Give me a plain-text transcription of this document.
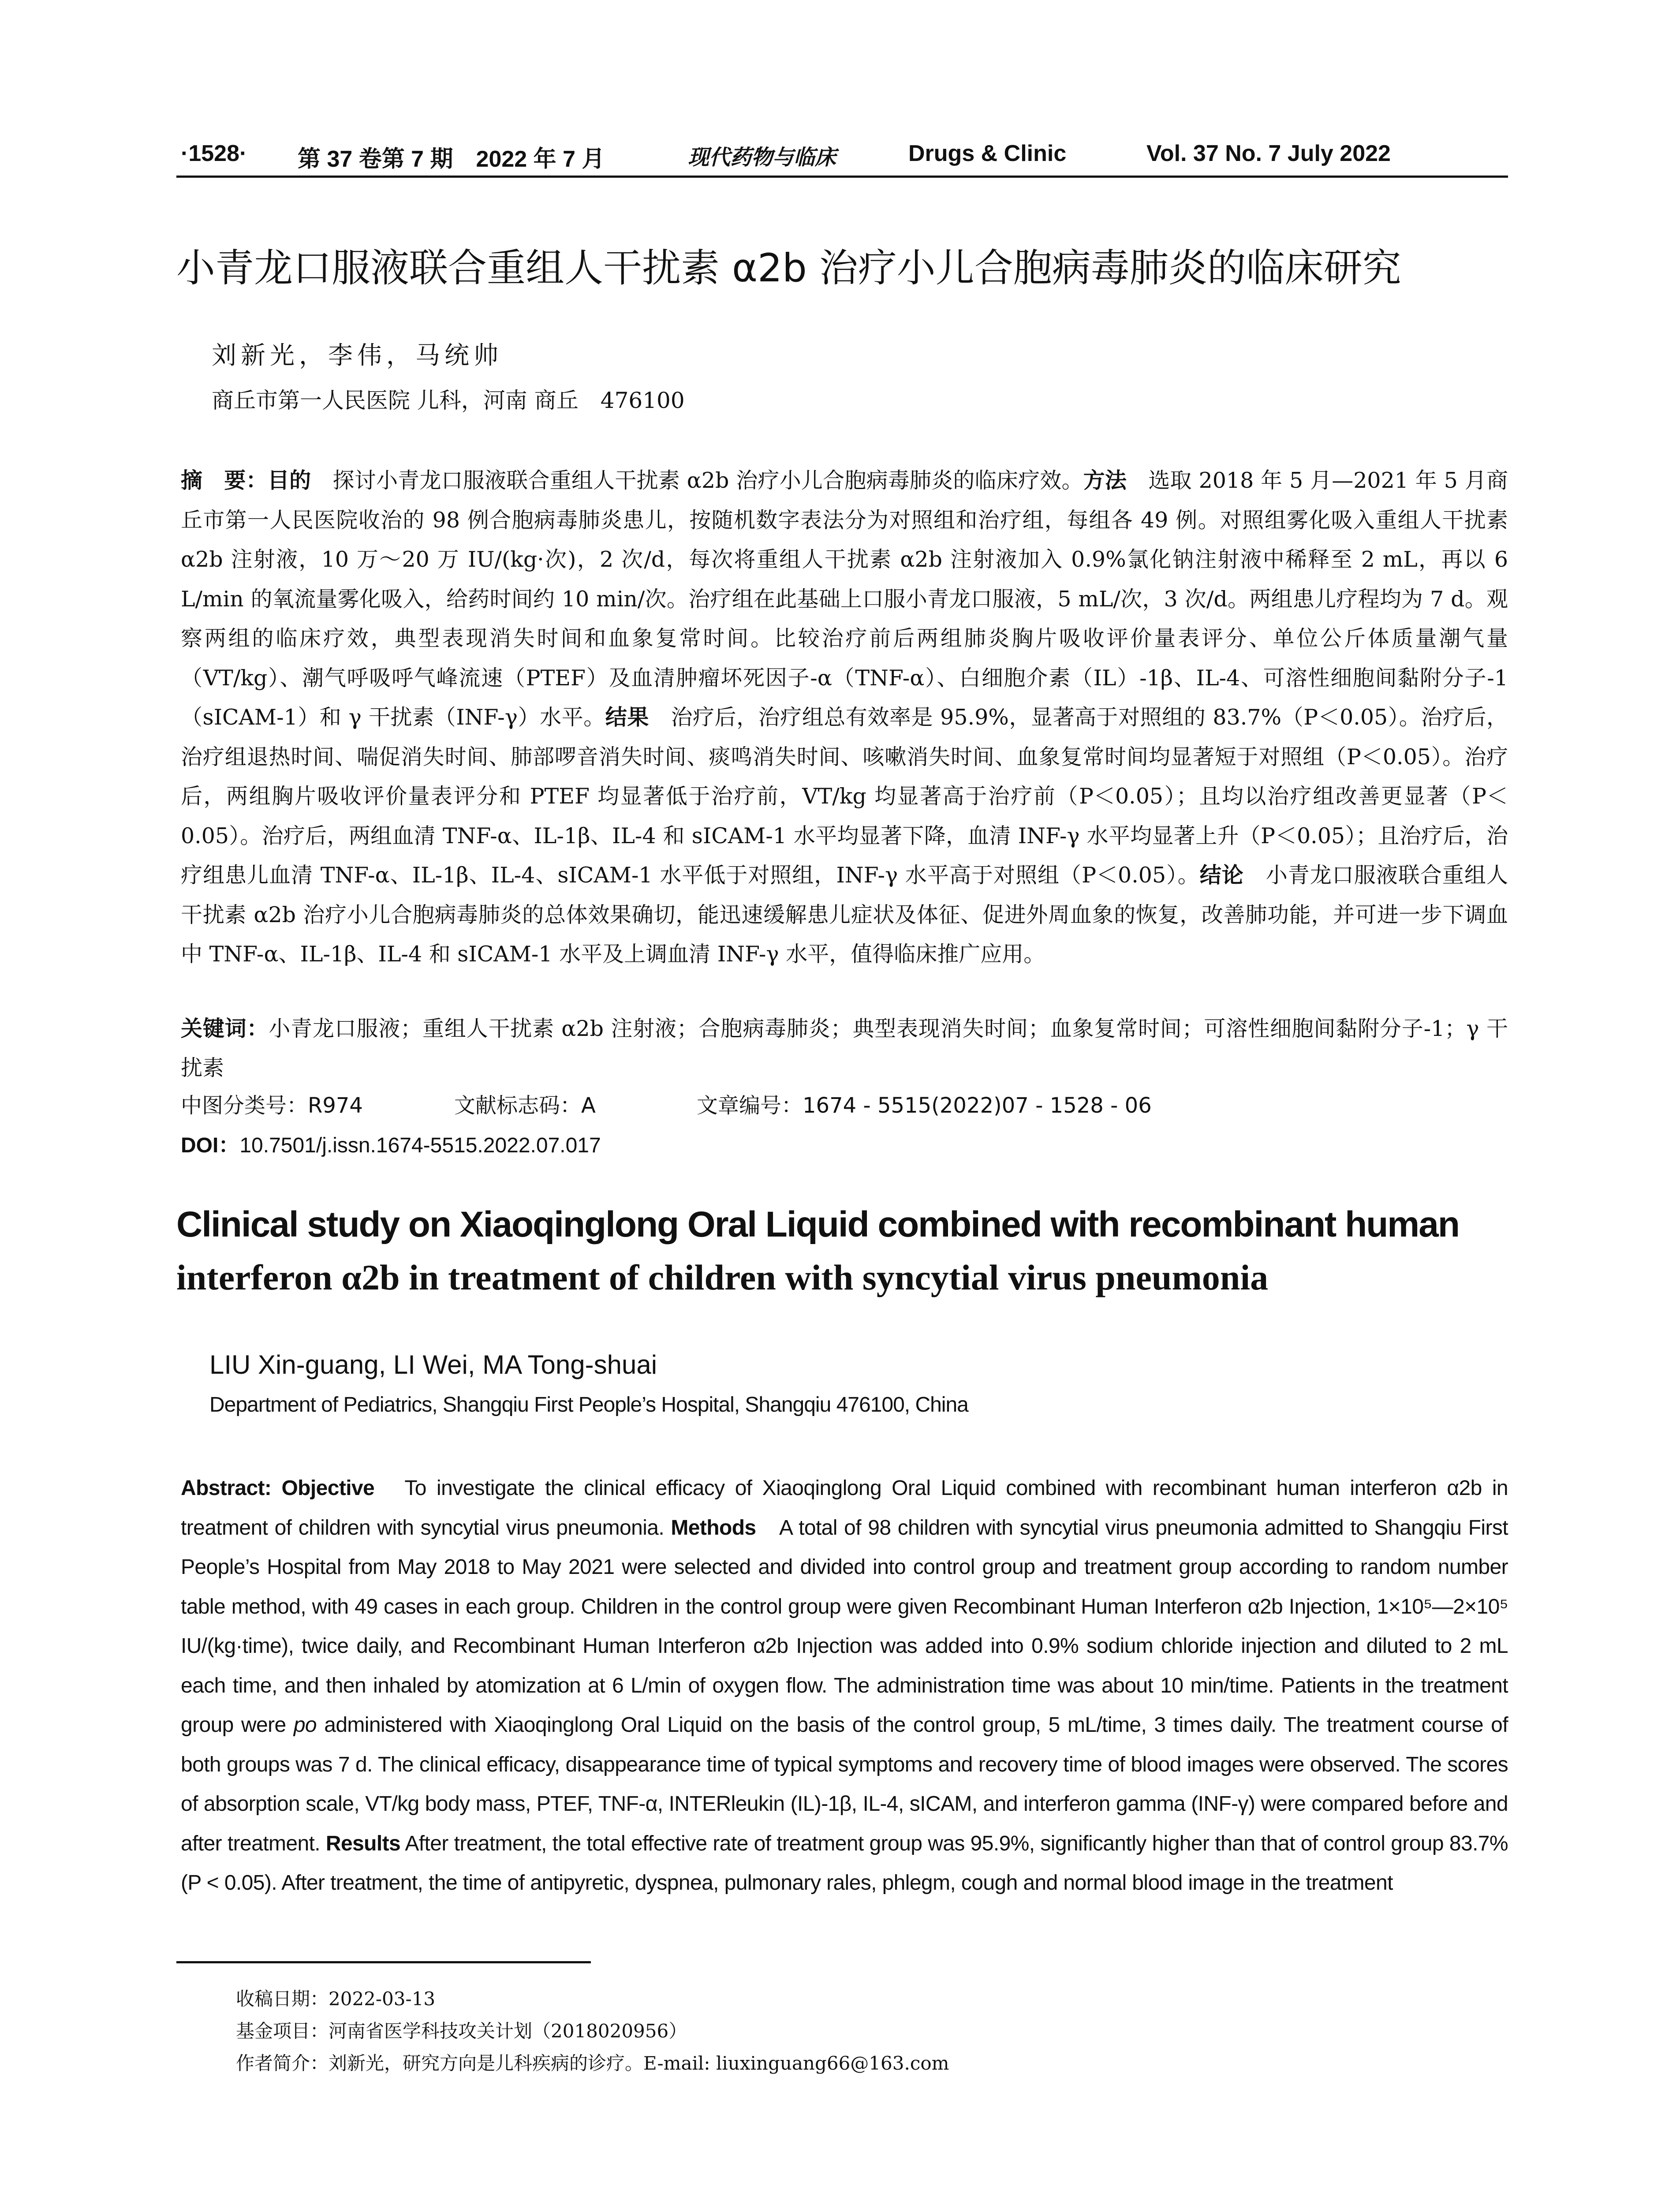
·1528· 第 37 卷第 7 期　2022 年 7 月	现代药物与临床	Drugs & Clinic	Vol. 37 No. 7 July 2022
小青龙口服液联合重组人干扰素 α2b 治疗小儿合胞病毒肺炎的临床研究
刘新光，李伟，马统帅
商丘市第一人民医院 儿科，河南 商丘　476100
摘　要：目的　探讨小青龙口服液联合重组人干扰素 α2b 治疗小儿合胞病毒肺炎的临床疗效。方法　选取 2018 年 5 月—2021 年 5 月商丘市第一人民医院收治的 98 例合胞病毒肺炎患儿，按随机数字表法分为对照组和治疗组，每组各 49 例。对照组雾化吸入重组人干扰素 α2b 注射液，10 万～20 万 IU/(kg·次)，2 次/d，每次将重组人干扰素 α2b 注射液加入 0.9%氯化钠注射液中稀释至 2 mL，再以 6 L/min 的氧流量雾化吸入，给药时间约 10 min/次。治疗组在此基础上口服小青龙口服液，5 mL/次，3 次/d。两组患儿疗程均为 7 d。观察两组的临床疗效，典型表现消失时间和血象复常时间。比较治疗前后两组肺炎胸片吸收评价量表评分、单位公斤体质量潮气量（VT/kg）、潮气呼吸呼气峰流速（PTEF）及血清肿瘤坏死因子-α（TNF-α）、白细胞介素（IL）-1β、IL-4、可溶性细胞间黏附分子-1（sICAM-1）和 γ 干扰素（INF-γ）水平。结果　治疗后，治疗组总有效率是 95.9%，显著高于对照组的 83.7%（P＜0.05）。治疗后，治疗组退热时间、喘促消失时间、肺部啰音消失时间、痰鸣消失时间、咳嗽消失时间、血象复常时间均显著短于对照组（P＜0.05）。治疗后，两组胸片吸收评价量表评分和 PTEF 均显著低于治疗前，VT/kg 均显著高于治疗前（P＜0.05）；且均以治疗组改善更显著（P＜0.05）。治疗后，两组血清 TNF-α、IL-1β、IL-4 和 sICAM-1 水平均显著下降，血清 INF-γ 水平均显著上升（P＜0.05）；且治疗后，治疗组患儿血清 TNF-α、IL-1β、IL-4、sICAM-1 水平低于对照组，INF-γ 水平高于对照组（P＜0.05）。结论　小青龙口服液联合重组人干扰素 α2b 治疗小儿合胞病毒肺炎的总体效果确切，能迅速缓解患儿症状及体征、促进外周血象的恢复，改善肺功能，并可进一步下调血中 TNF-α、IL-1β、IL-4 和 sICAM-1 水平及上调血清 INF-γ 水平，值得临床推广应用。
关键词：小青龙口服液；重组人干扰素 α2b 注射液；合胞病毒肺炎；典型表现消失时间；血象复常时间；可溶性细胞间黏附分子-1；γ 干扰素
中图分类号：R974	文献标志码：A	文章编号：1674 - 5515(2022)07 - 1528 - 06
DOI：10.7501/j.issn.1674-5515.2022.07.017
Clinical study on Xiaoqinglong Oral Liquid combined with recombinant human
interferon α2b in treatment of children with syncytial virus pneumonia
LIU Xin-guang, LI Wei, MA Tong-shuai
Department of Pediatrics, Shangqiu First People’s Hospital, Shangqiu 476100, China
Abstract: Objective　To investigate the clinical efficacy of Xiaoqinglong Oral Liquid combined with recombinant human interferon α2b in treatment of children with syncytial virus pneumonia. Methods　A total of 98 children with syncytial virus pneumonia admitted to Shangqiu First People’s Hospital from May 2018 to May 2021 were selected and divided into control group and treatment group according to random number table method, with 49 cases in each group. Children in the control group were given Recombinant Human Interferon α2b Injection, 1×10⁵—2×10⁵ IU/(kg·time), twice daily, and Recombinant Human Interferon α2b Injection was added into 0.9% sodium chloride injection and diluted to 2 mL each time, and then inhaled by atomization at 6 L/min of oxygen flow. The administration time was about 10 min/time. Patients in the treatment group were po administered with Xiaoqinglong Oral Liquid on the basis of the control group, 5 mL/time, 3 times daily. The treatment course of both groups was 7 d. The clinical efficacy, disappearance time of typical symptoms and recovery time of blood images were observed. The scores of absorption scale, VT/kg body mass, PTEF, TNF-α, INTERleukin (IL)-1β, IL-4, sICAM, and interferon gamma (INF-γ) were compared before and after treatment. Results After treatment, the total effective rate of treatment group was 95.9%, significantly higher than that of control group 83.7% (P < 0.05). After treatment, the time of antipyretic, dyspnea, pulmonary rales, phlegm, cough and normal blood image in the treatment
收稿日期：2022-03-13
基金项目：河南省医学科技攻关计划（2018020956）
作者简介：刘新光，研究方向是儿科疾病的诊疗。E-mail: liuxinguang66@163.com
